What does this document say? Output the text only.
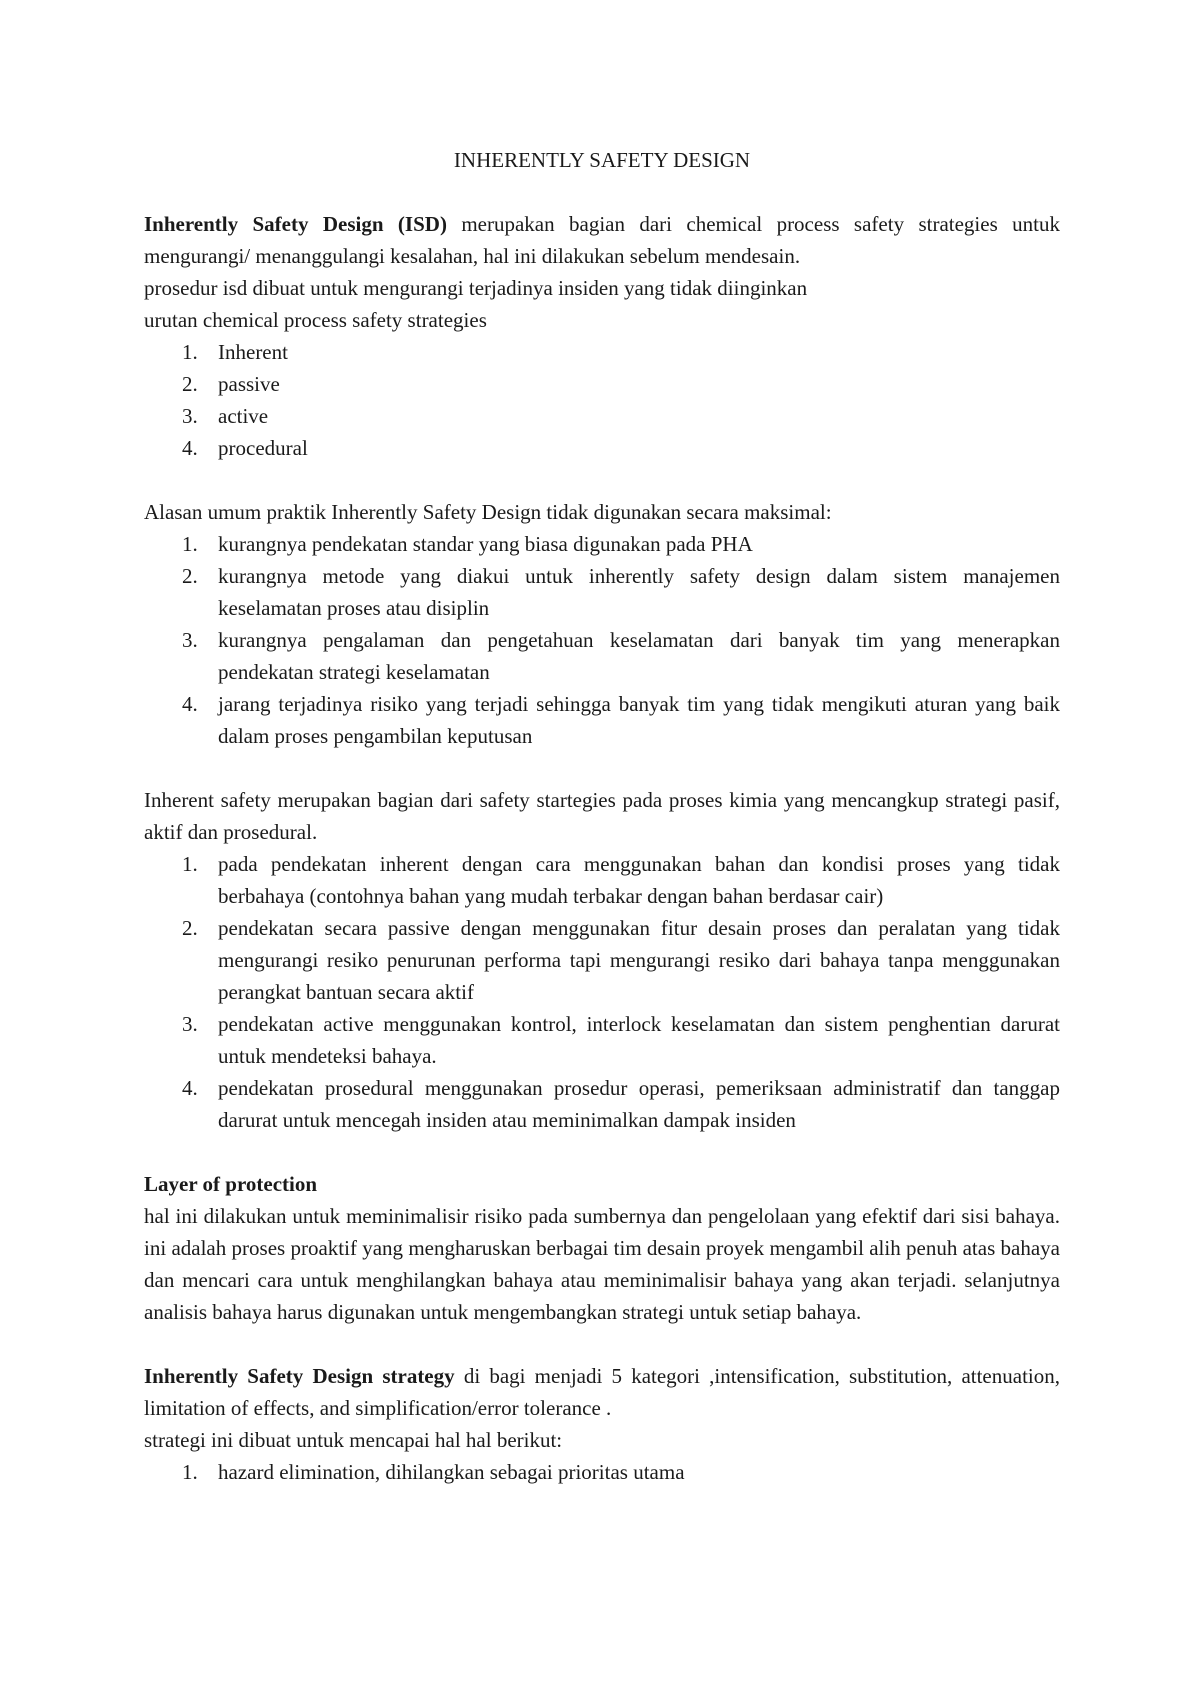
INHERENTLY SAFETY DESIGN

Inherently Safety Design (ISD) merupakan bagian dari chemical process safety strategies untuk mengurangi/ menanggulangi kesalahan, hal ini dilakukan sebelum mendesain.

prosedur isd dibuat untuk mengurangi terjadinya insiden yang tidak diinginkan

urutan chemical process safety strategies

1. Inherent
2. passive
3. active
4. procedural

Alasan umum praktik Inherently Safety Design tidak digunakan secara maksimal:

1. kurangnya pendekatan standar yang biasa digunakan pada PHA
2. kurangnya metode yang diakui untuk inherently safety design dalam sistem manajemen keselamatan proses atau disiplin
3. kurangnya pengalaman dan pengetahuan keselamatan dari banyak tim yang menerapkan pendekatan strategi keselamatan
4. jarang terjadinya risiko yang terjadi sehingga banyak tim yang tidak mengikuti aturan yang baik dalam proses pengambilan keputusan

Inherent safety merupakan bagian dari safety startegies pada proses kimia yang mencangkup strategi pasif, aktif dan prosedural.

1. pada pendekatan inherent dengan cara menggunakan bahan dan kondisi proses yang tidak berbahaya (contohnya bahan yang mudah terbakar dengan bahan berdasar cair)
2. pendekatan secara passive dengan menggunakan fitur desain proses dan peralatan yang tidak mengurangi resiko penurunan performa tapi mengurangi resiko dari bahaya tanpa menggunakan perangkat bantuan secara aktif
3. pendekatan active menggunakan kontrol, interlock keselamatan dan sistem penghentian darurat untuk mendeteksi bahaya.
4. pendekatan prosedural menggunakan prosedur operasi, pemeriksaan administratif dan tanggap darurat untuk mencegah insiden atau meminimalkan dampak insiden

Layer of protection

hal ini dilakukan untuk meminimalisir risiko pada sumbernya dan pengelolaan yang efektif dari sisi bahaya. ini adalah proses proaktif yang mengharuskan berbagai tim desain proyek mengambil alih penuh atas bahaya dan mencari cara untuk menghilangkan bahaya atau meminimalisir bahaya yang akan terjadi. selanjutnya analisis bahaya harus digunakan untuk mengembangkan strategi untuk setiap bahaya.

Inherently Safety Design strategy di bagi menjadi 5 kategori ,intensification, substitution, attenuation, limitation of effects, and simplification/error tolerance .

strategi ini dibuat untuk mencapai hal hal berikut:

1. hazard elimination, dihilangkan sebagai prioritas utama
